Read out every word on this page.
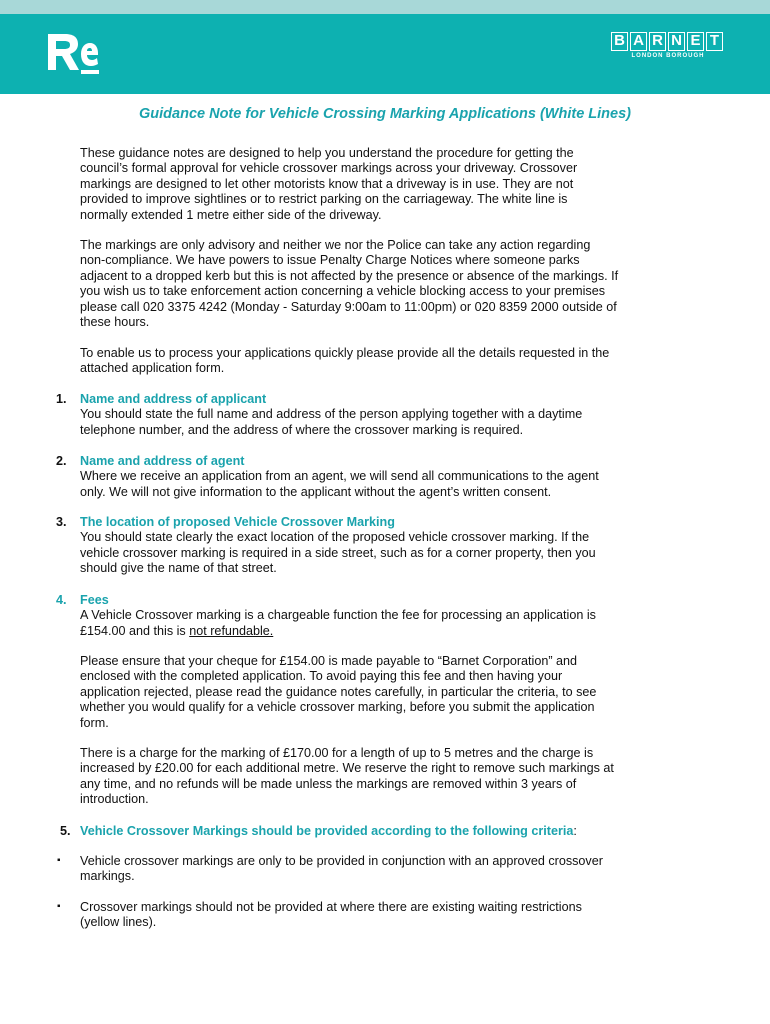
B A R N E T
LONDON BOROUGH
Guidance Note for Vehicle Crossing Marking Applications (White Lines)
These guidance notes are designed to help you understand the procedure for getting the
council’s formal approval for vehicle crossover markings across your driveway. Crossover
markings are designed to let other motorists know that a driveway is in use. They are not
provided to improve sightlines or to restrict parking on the carriageway. The white line is
normally extended 1 metre either side of the driveway.
The markings are only advisory and neither we nor the Police can take any action regarding
non-compliance. We have powers to issue Penalty Charge Notices where someone parks
adjacent to a dropped kerb but this is not affected by the presence or absence of the markings. If
you wish us to take enforcement action concerning a vehicle blocking access to your premises
please call 020 3375 4242 (Monday - Saturday 9:00am to 11:00pm) or 020 8359 2000 outside of
these hours.
To enable us to process your applications quickly please provide all the details requested in the
attached application form.
1. Name and address of applicant
You should state the full name and address of the person applying together with a daytime
telephone number, and the address of where the crossover marking is required.
2. Name and address of agent
Where we receive an application from an agent, we will send all communications to the agent
only. We will not give information to the applicant without the agent’s written consent.
3. The location of proposed Vehicle Crossover Marking
You should state clearly the exact location of the proposed vehicle crossover marking. If the
vehicle crossover marking is required in a side street, such as for a corner property, then you
should give the name of that street.
4. Fees
A Vehicle Crossover marking is a chargeable function the fee for processing an application is
£154.00 and this is not refundable.
5. Vehicle Crossover Markings should be provided according to the following criteria:
Please ensure that your cheque for £154.00 is made payable to “Barnet Corporation” and
enclosed with the completed application. To avoid paying this fee and then having your
application rejected, please read the guidance notes carefully, in particular the criteria, to see
whether you would qualify for a vehicle crossover marking, before you submit the application
form.
There is a charge for the marking of £170.00 for a length of up to 5 metres and the charge is
increased by £20.00 for each additional metre. We reserve the right to remove such markings at
any time, and no refunds will be made unless the markings are removed within 3 years of
introduction.
▪ Vehicle crossover markings are only to be provided in conjunction with an approved crossover
markings.
▪ Crossover markings should not be provided at where there are existing waiting restrictions
(yellow lines).
